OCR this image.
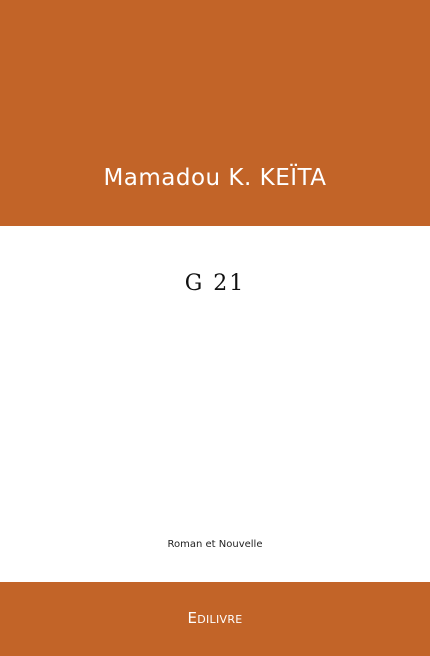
Mamadou K. KEÏTA
G 21
Roman et Nouvelle
Edilivre
